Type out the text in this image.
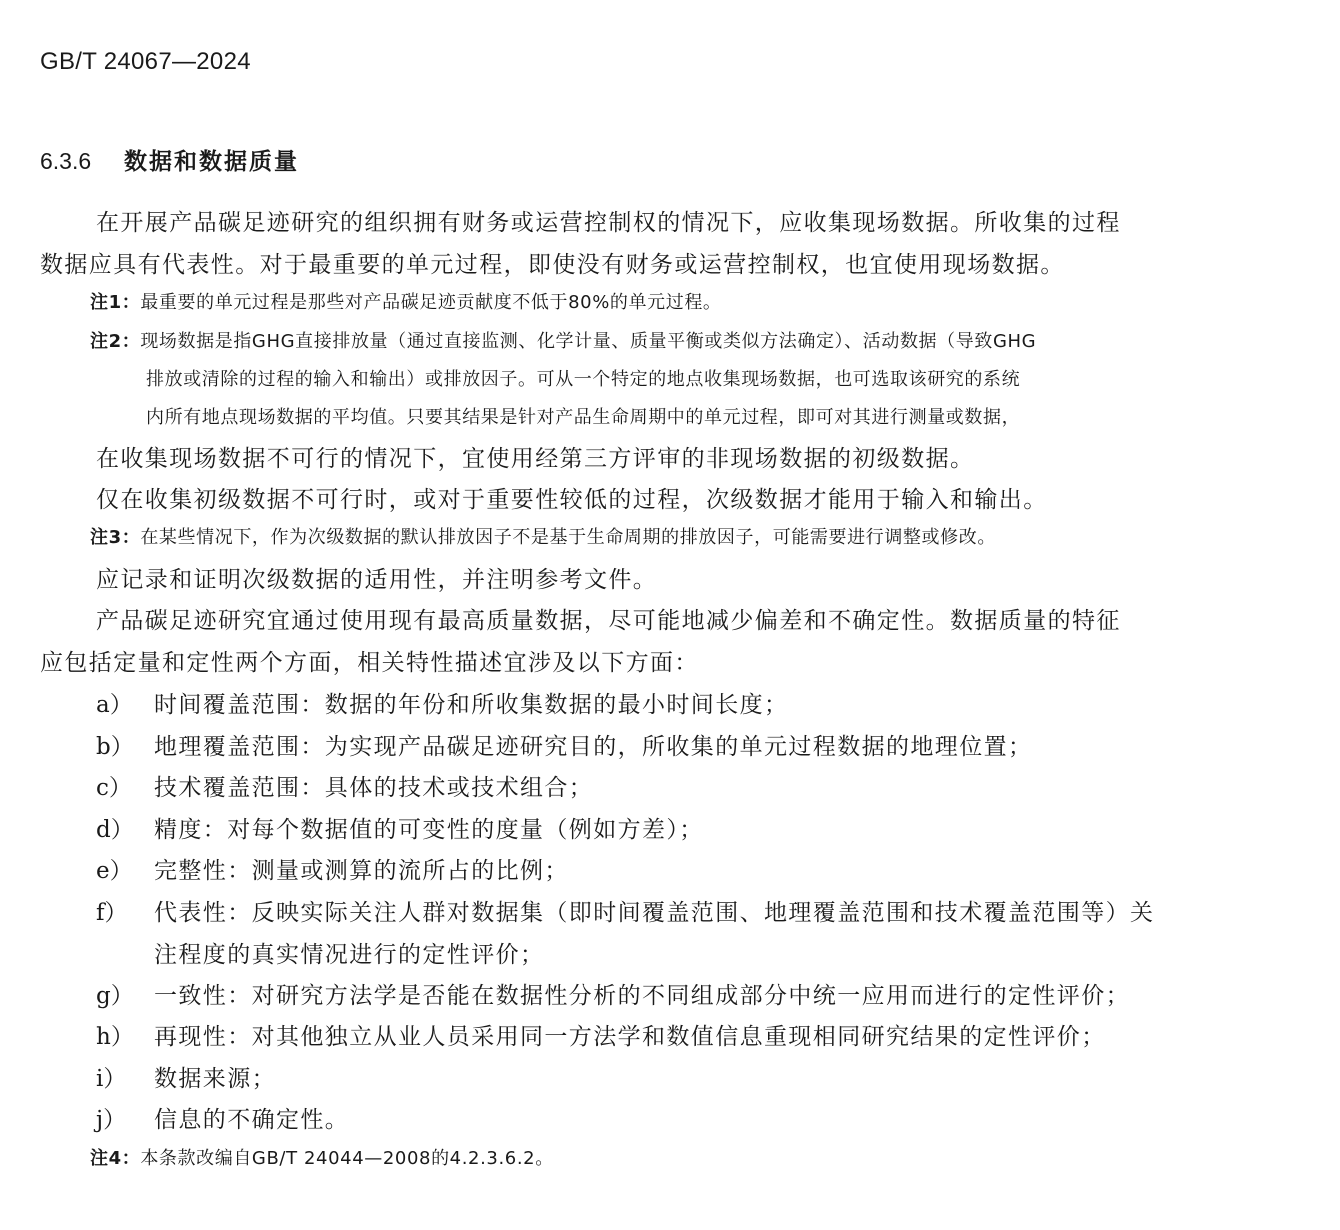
GB/T 24067—2024
6.3.6 数据和数据质量
在开展产品碳足迹研究的组织拥有财务或运营控制权的情况下，应收集现场数据。所收集的过程
数据应具有代表性。对于最重要的单元过程，即使没有财务或运营控制权，也宜使用现场数据。
注1：最重要的单元过程是那些对产品碳足迹贡献度不低于80%的单元过程。
注2：现场数据是指GHG直接排放量（通过直接监测、化学计量、质量平衡或类似方法确定）、活动数据（导致GHG
排放或清除的过程的输入和输出）或排放因子。可从一个特定的地点收集现场数据，也可选取该研究的系统
内所有地点现场数据的平均值。只要其结果是针对产品生命周期中的单元过程，即可对其进行测量或数据，
在收集现场数据不可行的情况下，宜使用经第三方评审的非现场数据的初级数据。
仅在收集初级数据不可行时，或对于重要性较低的过程，次级数据才能用于输入和输出。
注3：在某些情况下，作为次级数据的默认排放因子不是基于生命周期的排放因子，可能需要进行调整或修改。
应记录和证明次级数据的适用性，并注明参考文件。
产品碳足迹研究宜通过使用现有最高质量数据，尽可能地减少偏差和不确定性。数据质量的特征
应包括定量和定性两个方面，相关特性描述宜涉及以下方面：
a） 时间覆盖范围：数据的年份和所收集数据的最小时间长度；
b） 地理覆盖范围：为实现产品碳足迹研究目的，所收集的单元过程数据的地理位置；
c） 技术覆盖范围：具体的技术或技术组合；
d） 精度：对每个数据值的可变性的度量（例如方差）；
e） 完整性：测量或测算的流所占的比例；
f） 代表性：反映实际关注人群对数据集（即时间覆盖范围、地理覆盖范围和技术覆盖范围等）关
注程度的真实情况进行的定性评价；
g） 一致性：对研究方法学是否能在数据性分析的不同组成部分中统一应用而进行的定性评价；
h） 再现性：对其他独立从业人员采用同一方法学和数值信息重现相同研究结果的定性评价；
i） 数据来源；
j） 信息的不确定性。
注4：本条款改编自GB/T 24044—2008的4.2.3.6.2。
